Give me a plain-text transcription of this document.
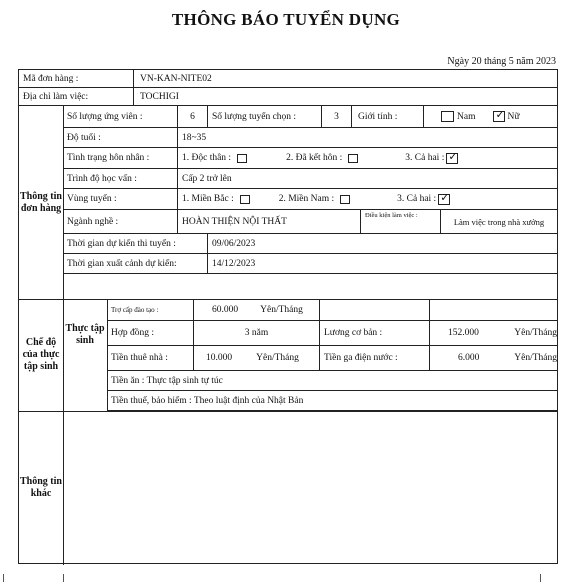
THÔNG BÁO TUYỂN DỤNG
Ngày 20 tháng 5 năm 2023
Mã đơn hàng :	VN-KAN-NITE02
Địa chỉ làm việc:	TOCHIGI
Thông tin đơn hàng
Số lượng ứng viên :	6	Số lượng tuyển chọn :	3	Giới tính :	Nam
✓	Nữ
Độ tuổi :	18~35
Tình trạng hôn nhân :	1. Độc thân :	2. Đã kết hôn :	3. Cả hai :
✓
Trình độ học vấn :	Cấp 2 trở lên
Vùng tuyển :	1. Miền Bắc :	2. Miền Nam :	3. Cả hai :
✓
Ngành nghề :	HOÀN THIỆN NỘI THẤT
Điều kiện làm việc :
Làm việc trong nhà xưởng
Thời gian dự kiến thi tuyển :	09/06/2023
Thời gian xuất cảnh dự kiến:	14/12/2023
Chế độ của thực tập sinh
Thực tập sinh
Trợ cấp đào tạo :	60.000 Yên/Tháng
Hợp đồng :	3 năm	Lương cơ bản :	152.000	Yên/Tháng
Tiền thuê nhà :	10.000	Yên/Tháng	Tiền ga điện nước :	6.000	Yên/Tháng
Tiền ăn : Thực tập sinh tự túc
Tiền thuế, bảo hiểm : Theo luật định của Nhật Bản
Thông tin khác
